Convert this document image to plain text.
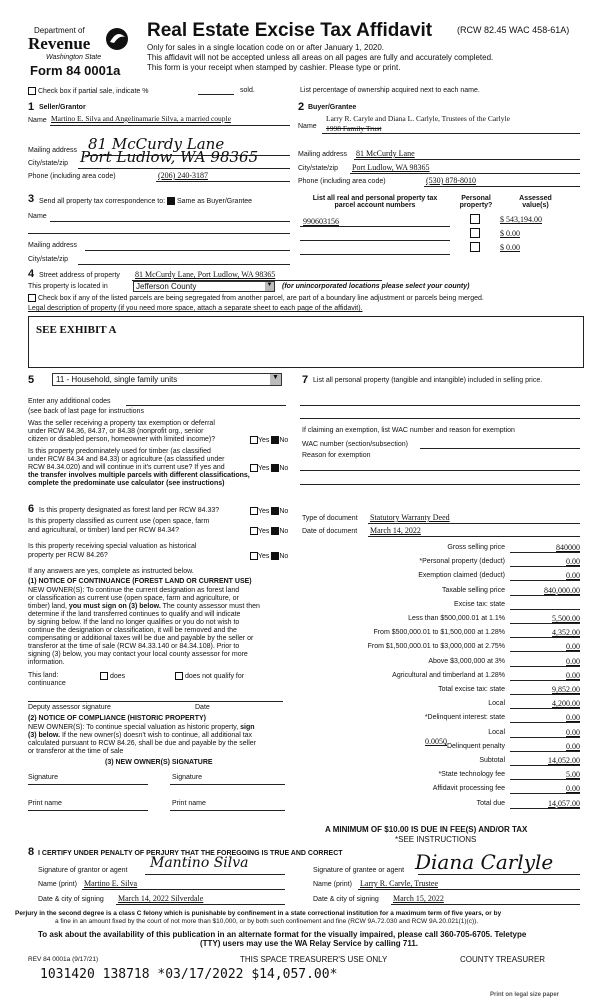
Department of
Revenue
Washington State
Form 84 0001a
Real Estate Excise Tax Affidavit	(RCW 82.45 WAC 458-61A)
Only for sales in a single location code on or after January 1, 2020.
This affidavit will not be accepted unless all areas on all pages are fully and accurately completed.
This form is your receipt when stamped by cashier. Please type or print.
Check box if partial sale, indicate %	sold.	List percentage of ownership acquired next to each name.
1 Seller/Grantor
Name Martino E. Silva and Angelinamarie Silva, a married couple
Mailing address 81 McCurdy Lane
City/state/zip Port Ludlow, WA 98365
Phone (including area code)	(206) 240-3187
2 Buyer/Grantee
Name
Larry R. Caryle and Diana L. Carlyle, Trustees of the Carlyle
1998 Family Trust
Mailing address 81 McCurdy Lane
City/state/zip Port Ludlow, WA 98365
Phone (including area code)	(530) 878-8010
3 Send all property tax correspondence to: Same as Buyer/Grantee
Name
Mailing address
City/state/zip
List all real and personal property tax parcel account numbers
Personal property?
Assessed value(s)
990603156	$ 543,194.00
$ 0.00
$ 0.00
4 Street address of property 81 McCurdy Lane, Port Ludlow, WA 98365
This property is located in	Jefferson County	▼ (for unincorporated locations please select your county)
Check box if any of the listed parcels are being segregated from another parcel, are part of a boundary line adjustment or parcels being merged.
Legal description of property (if you need more space, attach a separate sheet to each page of the affidavit).
SEE EXHIBIT A
5	11 - Household, single family units	▼
Enter any additional codes
(see back of last page for instructions
Was the seller receiving a property tax exemption or deferral
under RCW 84.36, 84.37, or 84.38 (nonprofit org., senior
citizen or disabled person, homeowner with limited income)?	Yes No
Is this property predominately used for timber (as classified
under RCW 84.34 and 84.33) or agriculture (as classified under
RCW 84.34.020) and will continue in it's current use? If yes and
the transfer involves multiple parcels with different classifications,
complete the predominate use calculator (see instructions)
Yes No
7 List all personal property (tangible and intangible) included in selling price.
If claiming an exemption, list WAC number and reason for exemption
WAC number (section/subsection)
Reason for exemption
6 Is this property designated as forest land per RCW 84.33?	Yes No
Is this property classified as current use (open space, farm
and agricultural, or timber) land per RCW 84.34?	Yes No
Is this property receiving special valuation as historical
property per RCW 84.26?	Yes No
If any answers are yes, complete as instructed below.
(1) NOTICE OF CONTINUANCE (FOREST LAND OR CURRENT USE)
NEW OWNER(S): To continue the current designation as forest land
or classification as current use (open space, farm and agriculture, or
timber) land, you must sign on (3) below. The county assessor must then
determine if the land transferred continues to qualify and will indicate
by signing below. If the land no longer qualifies or you do not wish to
continue the designation or classification, it will be removed and the
compensating or additional taxes will be due and payable by the seller or
transferor at the time of sale (RCW 84.33.140 or 84.34.108). Prior to
signing (3) below, you may contact your local county assessor for more
information.
This land:
continuance
does	does not qualify for
Deputy assessor signature	Date
(2) NOTICE OF COMPLIANCE (HISTORIC PROPERTY)
NEW OWNER(S): To continue special valuation as historic property, sign
(3) below. If the new owner(s) doesn't wish to continue, all additional tax
calculated pursuant to RCW 84.26, shall be due and payable by the seller
or transferor at the time of sale
(3) NEW OWNER(S) SIGNATURE
Signature	Signature
Print name	Print name
Type of document Statutory Warranty Deed
Date of document March 14, 2022
Gross selling price	840000
*Personal property (deduct)	0.00
Exemption claimed (deduct)	0.00
Taxable selling price	840,000.00
Excise tax: state
Less than $500,000.01 at 1.1%	5,500.00
From $500,000.01 to $1,500,000 at 1.28%	4,352.00
From $1,500,000.01 to $3,000,000 at 2.75%	0.00
Above $3,000,000 at 3%	0.00
Agricultural and timberland at 1.28%	0.00
Total excise tax: state	9,852.00
Local	4,200.00
*Delinquent interest: state	0.00
Local	0.00
*Delinquent penalty	0.00
Subtotal	14,052.00
*State technology fee	5.00
Affidavit processing fee	0.00
Total due	14,057.00
0.0050
A MINIMUM OF $10.00 IS DUE IN FEE(S) AND/OR TAX
*SEE INSTRUCTIONS
8 I CERTIFY UNDER PENALTY OF PERJURY THAT THE FOREGOING IS TRUE AND CORRECT
Signature of grantor or agent Mantino Silva
Name (print) Martino E. Silva
Date & city of signing March 14, 2022 Silverdale
Signature of grantee or agent Diana Carlyle
Name (print) Larry R. Carvle, Trustee
Date & city of signing March 15, 2022
Perjury in the second degree is a class C felony which is punishable by confinement in a state correctional institution for a maximum term of five years, or by
a fine in an amount fixed by the court of not more than $10,000, or by both such confinement and fine (RCW 9A.72.030 and RCW 9A.20.021(1)(c)).
To ask about the availability of this publication in an alternate format for the visually impaired, please call 360-705-6705. Teletype
(TTY) users may use the WA Relay Service by calling 711.
REV 84 0001a (9/17/21)	THIS SPACE TREASURER'S USE ONLY	COUNTY TREASURER
1031420 138718 *03/17/2022 $14,057.00*
Print on legal size paper
